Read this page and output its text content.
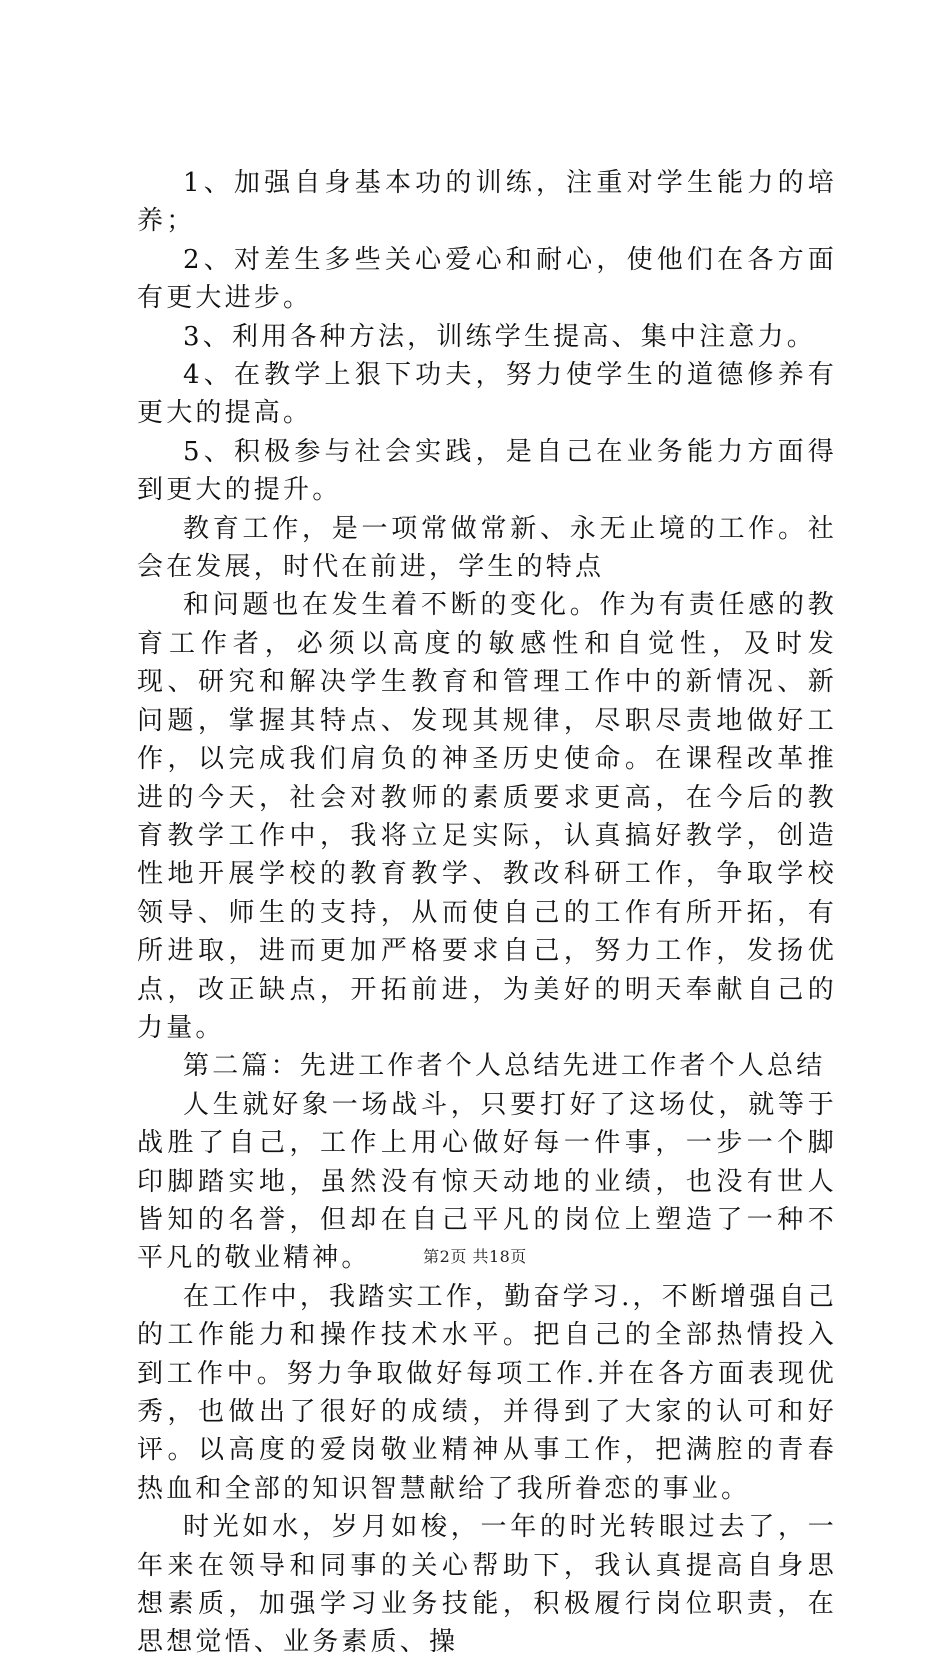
1、加强自身基本功的训练，注重对学生能力的培养；

2、对差生多些关心爱心和耐心，使他们在各方面有更大进步。

3、利用各种方法，训练学生提高、集中注意力。

4、在教学上狠下功夫，努力使学生的道德修养有更大的提高。

5、积极参与社会实践，是自己在业务能力方面得到更大的提升。

教育工作，是一项常做常新、永无止境的工作。社会在发展，时代在前进，学生的特点

和问题也在发生着不断的变化。作为有责任感的教育工作者，必须以高度的敏感性和自觉性，及时发现、研究和解决学生教育和管理工作中的新情况、新问题，掌握其特点、发现其规律，尽职尽责地做好工作，以完成我们肩负的神圣历史使命。在课程改革推进的今天，社会对教师的素质要求更高，在今后的教育教学工作中，我将立足实际，认真搞好教学，创造性地开展学校的教育教学、教改科研工作，争取学校领导、师生的支持，从而使自己的工作有所开拓，有所进取，进而更加严格要求自己，努力工作，发扬优点，改正缺点，开拓前进，为美好的明天奉献自己的力量。

第二篇：先进工作者个人总结先进工作者个人总结

人生就好象一场战斗，只要打好了这场仗，就等于战胜了自己，工作上用心做好每一件事，一步一个脚印脚踏实地，虽然没有惊天动地的业绩，也没有世人皆知的名誉，但却在自己平凡的岗位上塑造了一种不平凡的敬业精神。

在工作中，我踏实工作，勤奋学习.，不断增强自己的工作能力和操作技术水平。把自己的全部热情投入到工作中。努力争取做好每项工作.并在各方面表现优秀，也做出了很好的成绩，并得到了大家的认可和好评。以高度的爱岗敬业精神从事工作，把满腔的青春热血和全部的知识智慧献给了我所眷恋的事业。

时光如水，岁月如梭，一年的时光转眼过去了，一年来在领导和同事的关心帮助下，我认真提高自身思想素质，加强学习业务技能，积极履行岗位职责，在思想觉悟、业务素质、操

第2页 共18页
